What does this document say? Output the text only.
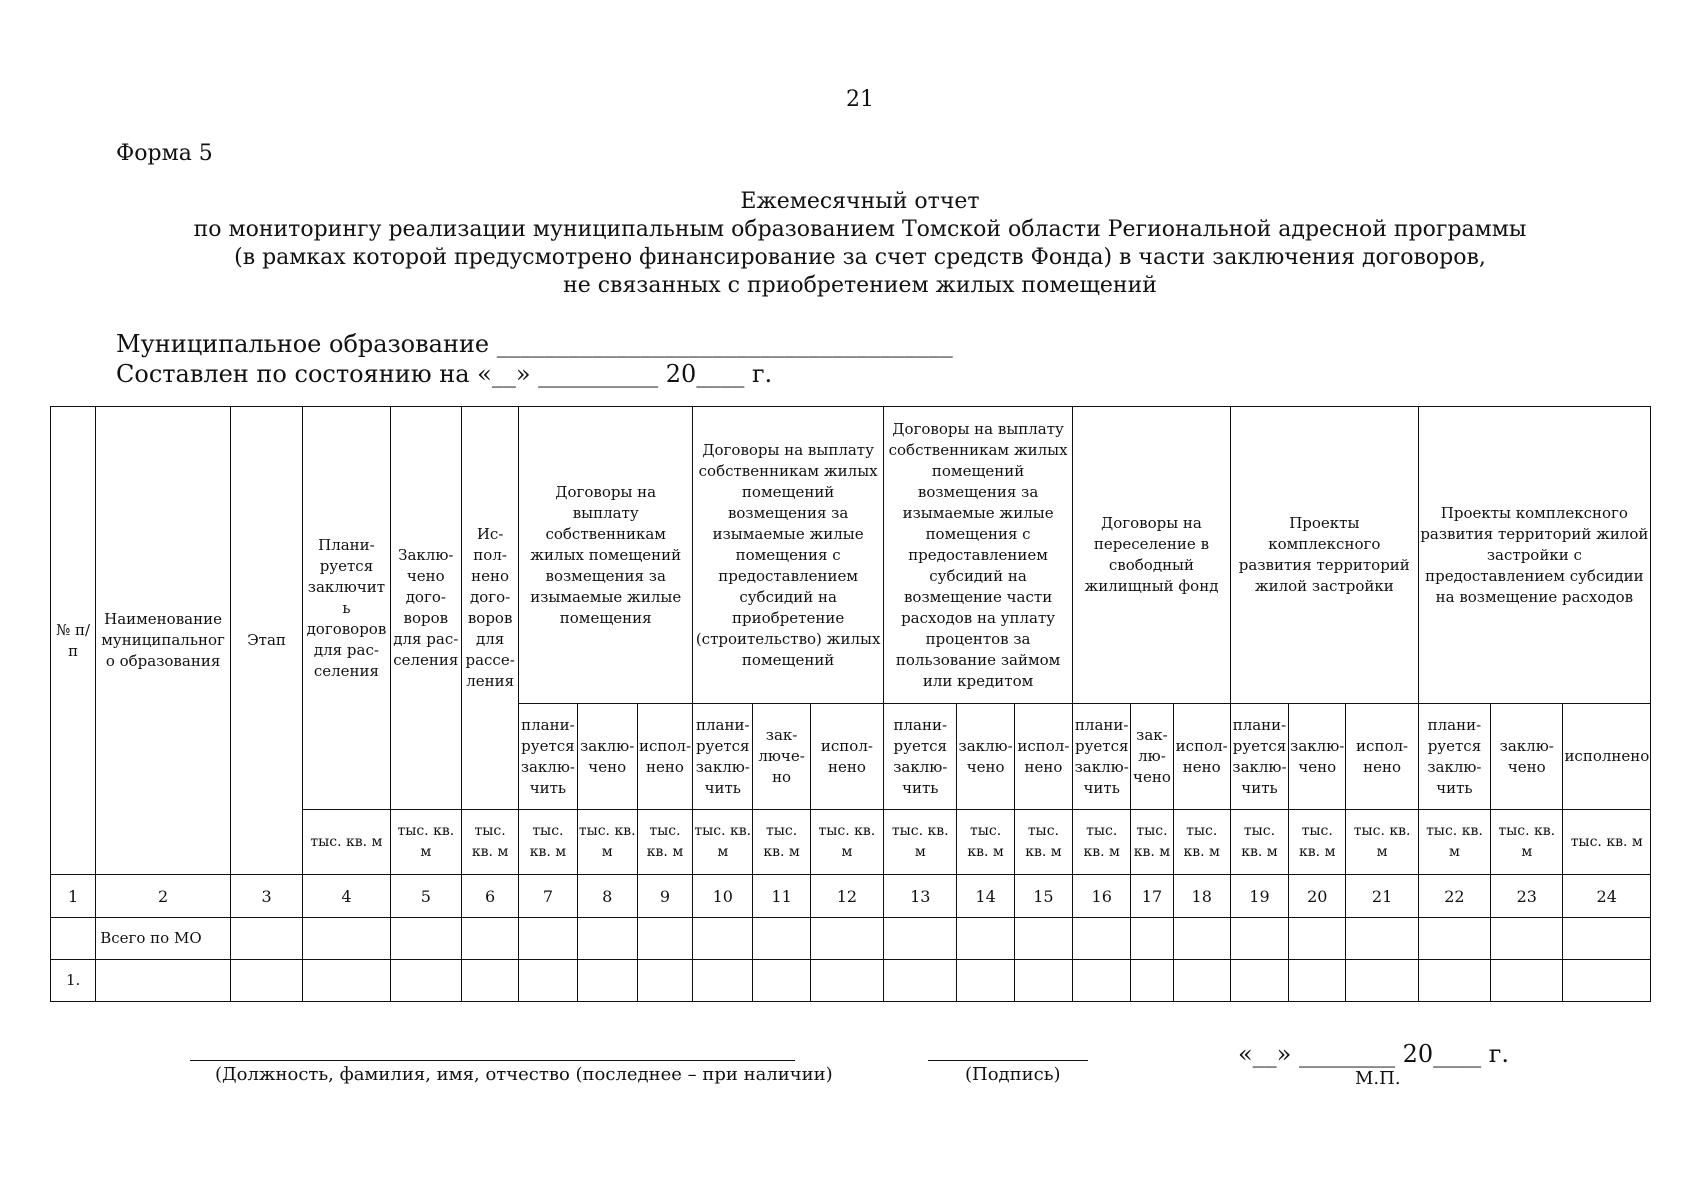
21
Форма 5
Ежемесячный отчет
по мониторингу реализации муниципальным образованием Томской области Региональной адресной программы
(в рамках которой предусмотрено финансирование за счет средств Фонда) в части заключения договоров,
не связанных с приобретением жилых помещений
Муниципальное образование ______________________________________
Составлен по состоянию на «__» __________ 20____ г.
№ п/п	Наименование муниципального образования	Этап	Планируется заключить договоров для расселения	Заключено договоров для расселения	Исполнено договоров для расселения	Договоры на выплату собственникам жилых помещений возмещения за изымаемые жилые помещения			Договоры на выплату собственникам жилых помещений возмещения за изымаемые жилые помещения с предоставлением субсидий на приобретение (строительство) жилых помещений			Договоры на выплату собственникам жилых помещений возмещения за изымаемые жилые помещения с предоставлением субсидий на возмещение части расходов на уплату процентов за пользование займом или кредитом			Договоры на переселение в свободный жилищный фонд			Проекты комплексного развития территорий жилой застройки			Проекты комплексного развития территорий жилой застройки с предоставлением субсидии на возмещение расходов		
						планируется заключить	заключено	исполнено	планируется заключить	заключено	исполнено	планируется заключить	заключено	исполнено	планируется заключить	заключено	исполнено	планируется заключить	заключено	исполнено	планируется заключить	заключено	исполнено
			тыс. кв. м	тыс. кв. м	тыс. кв. м	тыс. кв. м	тыс. кв. м	тыс. кв. м	тыс. кв. м	тыс. кв. м	тыс. кв. м	тыс. кв. м	тыс. кв. м	тыс. кв. м	тыс. кв. м	тыс. кв. м	тыс. кв. м	тыс. кв. м	тыс. кв. м	тыс. кв. м	тыс. кв. м	тыс. кв. м	тыс. кв. м
1	2	3	4	5	6	7	8	9	10	11	12	13	14	15	16	17	18	19	20	21	22	23	24
	Всего по МО																						
1.																							
(Должность, фамилия, имя, отчество (последнее – при наличии)	(Подпись)
«__» ________ 20____ г.
М.П.
